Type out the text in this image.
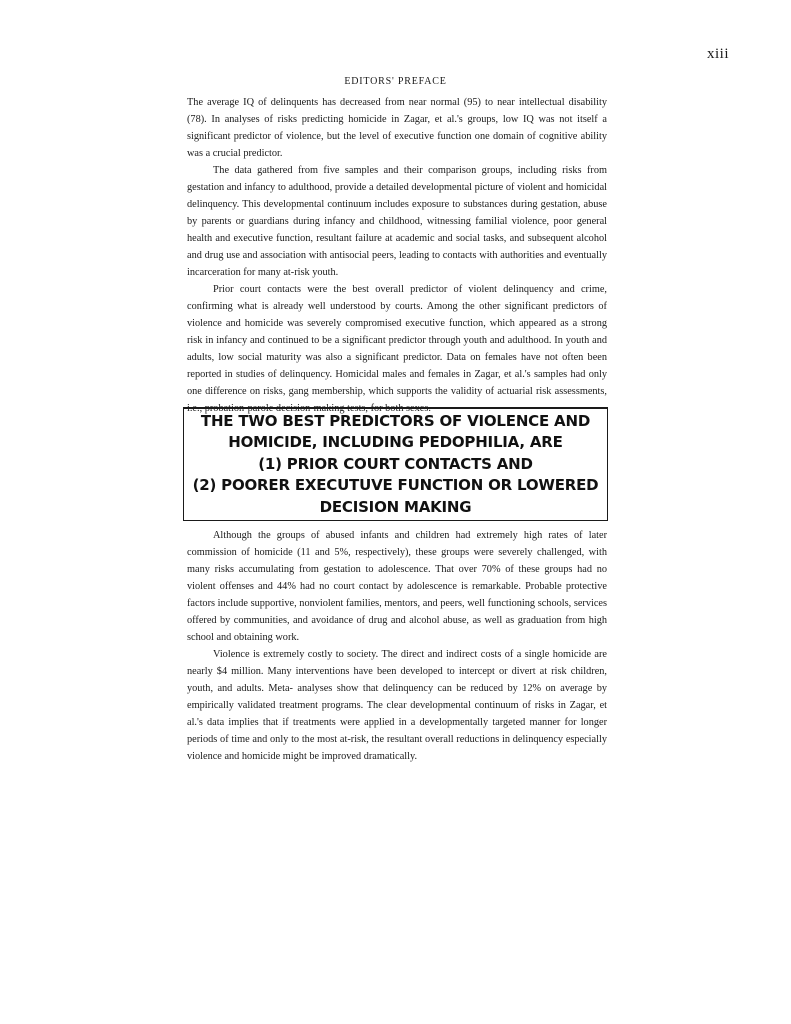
xiii
EDITORS' PREFACE

The average IQ of delinquents has decreased from near normal (95) to near intellectual disability (78). In analyses of risks predicting homicide in Zagar, et al.'s groups, low IQ was not itself a significant predictor of violence, but the level of executive function one domain of cognitive ability was a crucial predictor.

The data gathered from five samples and their comparison groups, including risks from gestation and infancy to adulthood, provide a detailed developmental picture of violent and homicidal delinquency. This developmental continuum includes exposure to substances during gestation, abuse by parents or guardians during infancy and childhood, witnessing familial violence, poor general health and executive function, resultant failure at academic and social tasks, and subsequent alcohol and drug use and association with antisocial peers, leading to contacts with authorities and eventually incarceration for many at-risk youth.

Prior court contacts were the best overall predictor of violent delinquency and crime, confirming what is already well understood by courts. Among the other significant predictors of violence and homicide was severely compromised executive function, which appeared as a strong risk in infancy and continued to be a significant predictor through youth and adulthood. In youth and adults, low social maturity was also a significant predictor. Data on females have not often been reported in studies of delinquency. Homicidal males and females in Zagar, et al.'s samples had only one difference on risks, gang membership, which supports the validity of actuarial risk assessments, i.e., probation-parole decision-making tests, for both sexes.

THE TWO BEST PREDICTORS OF VIOLENCE AND
HOMICIDE, INCLUDING PEDOPHILIA, ARE
(1) PRIOR COURT CONTACTS AND
(2) POORER EXECUTUVE FUNCTION OR LOWERED
DECISION MAKING

Although the groups of abused infants and children had extremely high rates of later commission of homicide (11 and 5%, respectively), these groups were severely challenged, with many risks accumulating from gestation to adolescence. That over 70% of these groups had no violent offenses and 44% had no court contact by adolescence is remarkable. Probable protective factors include supportive, nonviolent families, mentors, and peers, well functioning schools, services offered by communities, and avoidance of drug and alcohol abuse, as well as graduation from high school and obtaining work.

Violence is extremely costly to society. The direct and indirect costs of a single homicide are nearly $4 million. Many interventions have been developed to intercept or divert at risk children, youth, and adults. Meta- analyses show that delinquency can be reduced by 12% on average by empirically validated treatment programs. The clear developmental continuum of risks in Zagar, et al.'s data implies that if treatments were applied in a developmentally targeted manner for longer periods of time and only to the most at-risk, the resultant overall reductions in delinquency especially violence and homicide might be improved dramatically.
